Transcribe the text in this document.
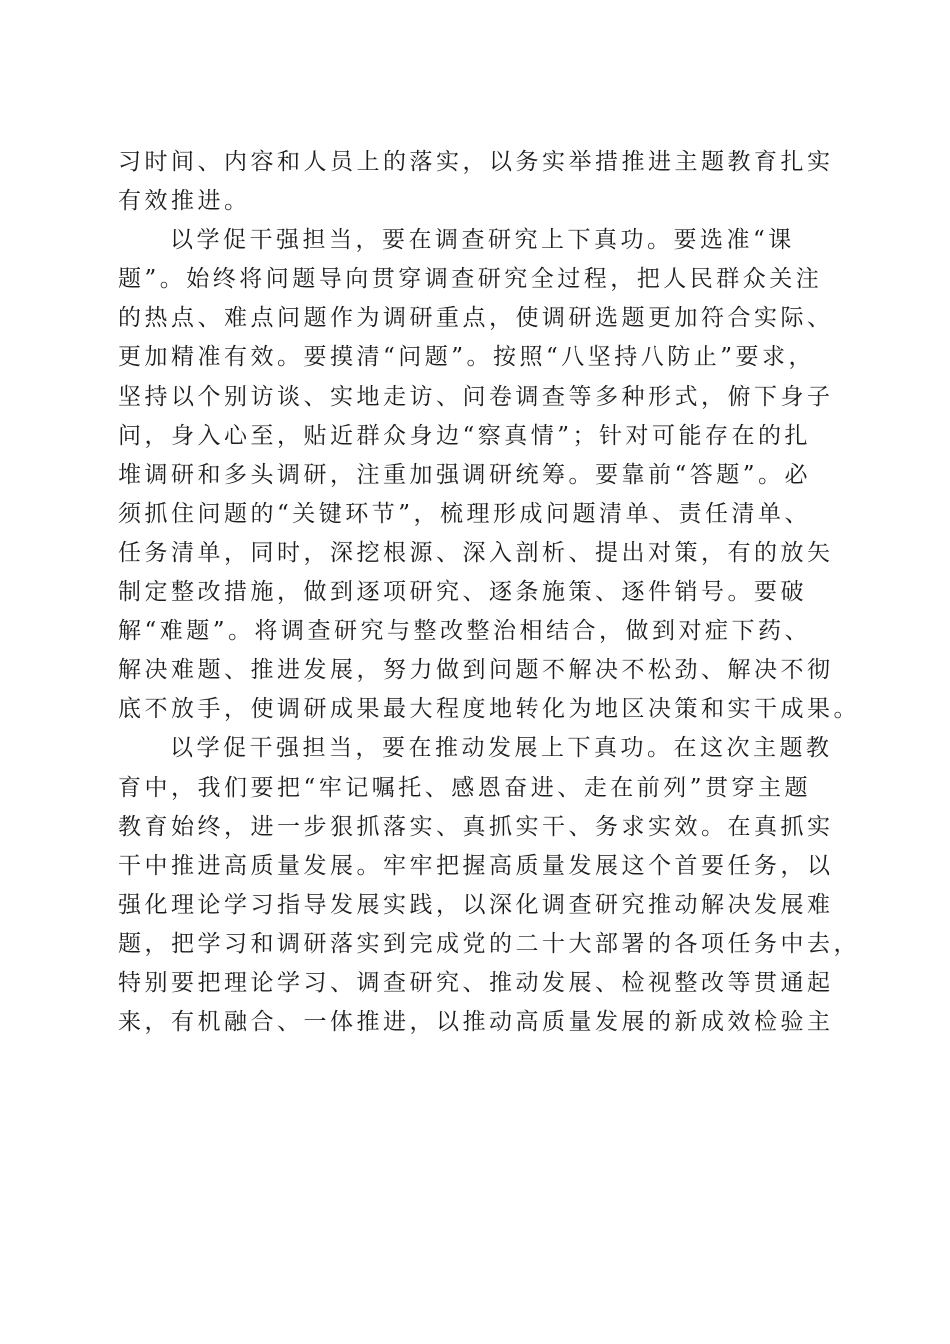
习时间、内容和人员上的落实，以务实举措推进主题教育扎实
有效推进。
以学促干强担当，要在调查研究上下真功。要选准“课
题”。始终将问题导向贯穿调查研究全过程，把人民群众关注
的热点、难点问题作为调研重点，使调研选题更加符合实际、
更加精准有效。要摸清“问题”。按照“八坚持八防止”要求，
坚持以个别访谈、实地走访、问卷调查等多种形式，俯下身子
问，身入心至，贴近群众身边“察真情”；针对可能存在的扎
堆调研和多头调研，注重加强调研统筹。要靠前“答题”。必
须抓住问题的“关键环节”，梳理形成问题清单、责任清单、
任务清单，同时，深挖根源、深入剖析、提出对策，有的放矢
制定整改措施，做到逐项研究、逐条施策、逐件销号。要破
解“难题”。将调查研究与整改整治相结合，做到对症下药、
解决难题、推进发展，努力做到问题不解决不松劲、解决不彻
底不放手，使调研成果最大程度地转化为地区决策和实干成果。
以学促干强担当，要在推动发展上下真功。在这次主题教
育中，我们要把“牢记嘱托、感恩奋进、走在前列”贯穿主题
教育始终，进一步狠抓落实、真抓实干、务求实效。在真抓实
干中推进高质量发展。牢牢把握高质量发展这个首要任务，以
强化理论学习指导发展实践，以深化调查研究推动解决发展难
题，把学习和调研落实到完成党的二十大部署的各项任务中去，
特别要把理论学习、调查研究、推动发展、检视整改等贯通起
来，有机融合、一体推进，以推动高质量发展的新成效检验主
